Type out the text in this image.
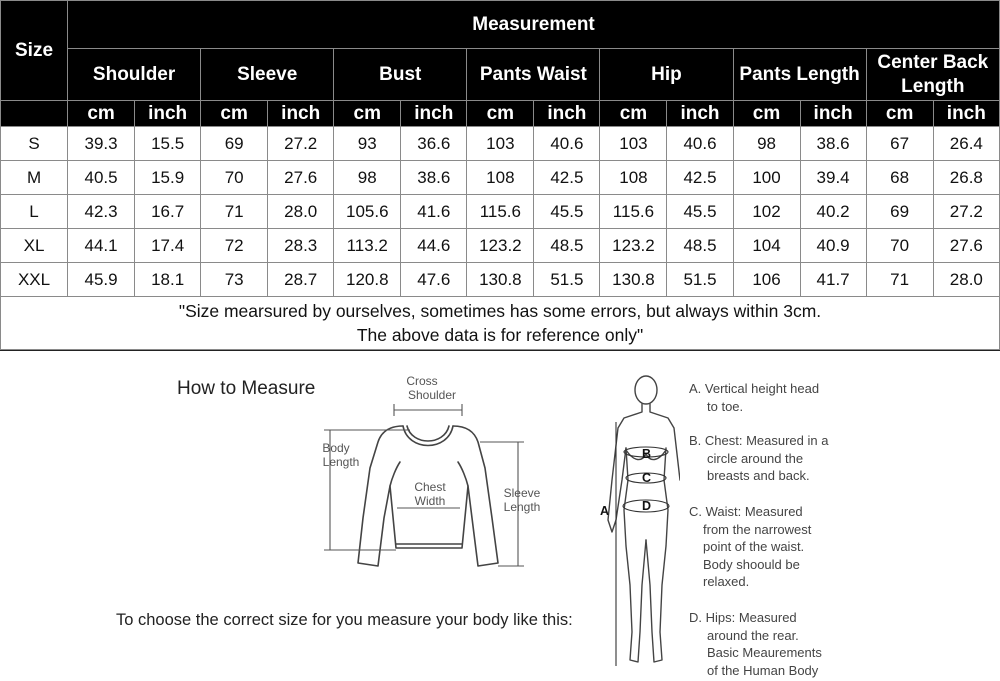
Size	Measurement													
	Shoulder		Sleeve		Bust		Pants Waist		Hip		Pants Length		Center Back
Length	

	cm	inch	cm	inch	cm	inch	cm	inch	cm	inch	cm	inch	cm	inch
S	39.3	15.5	69	27.2	93	36.6	103	40.6	103	40.6	98	38.6	67	26.4
M	40.5	15.9	70	27.6	98	38.6	108	42.5	108	42.5	100	39.4	68	26.8
L	42.3	16.7	71	28.0	105.6	41.6	115.6	45.5	115.6	45.5	102	40.2	69	27.2
XL	44.1	17.4	72	28.3	113.2	44.6	123.2	48.5	123.2	48.5	104	40.9	70	27.6
XXL	45.9	18.1	73	28.7	120.8	47.6	130.8	51.5	130.8	51.5	106	41.7	71	28.0

"Size mearsured by ourselves, sometimes has some errors, but always within 3cm.
The above data is for reference only"														
How to Measure	Cross
Shoulder
Body
Length
Chest
Width
Sleeve
Length
To choose the correct size for you measure your body like this:
A
B
C
D
A. Vertical height head
to toe.
B. Chest: Measured in a
circle around the
breasts and back.
C. Waist: Measured
from the narrowest
point of the waist.
Body shoould be
relaxed.
D. Hips: Measured
around the rear.
Basic Meaurements
of the Human Body
